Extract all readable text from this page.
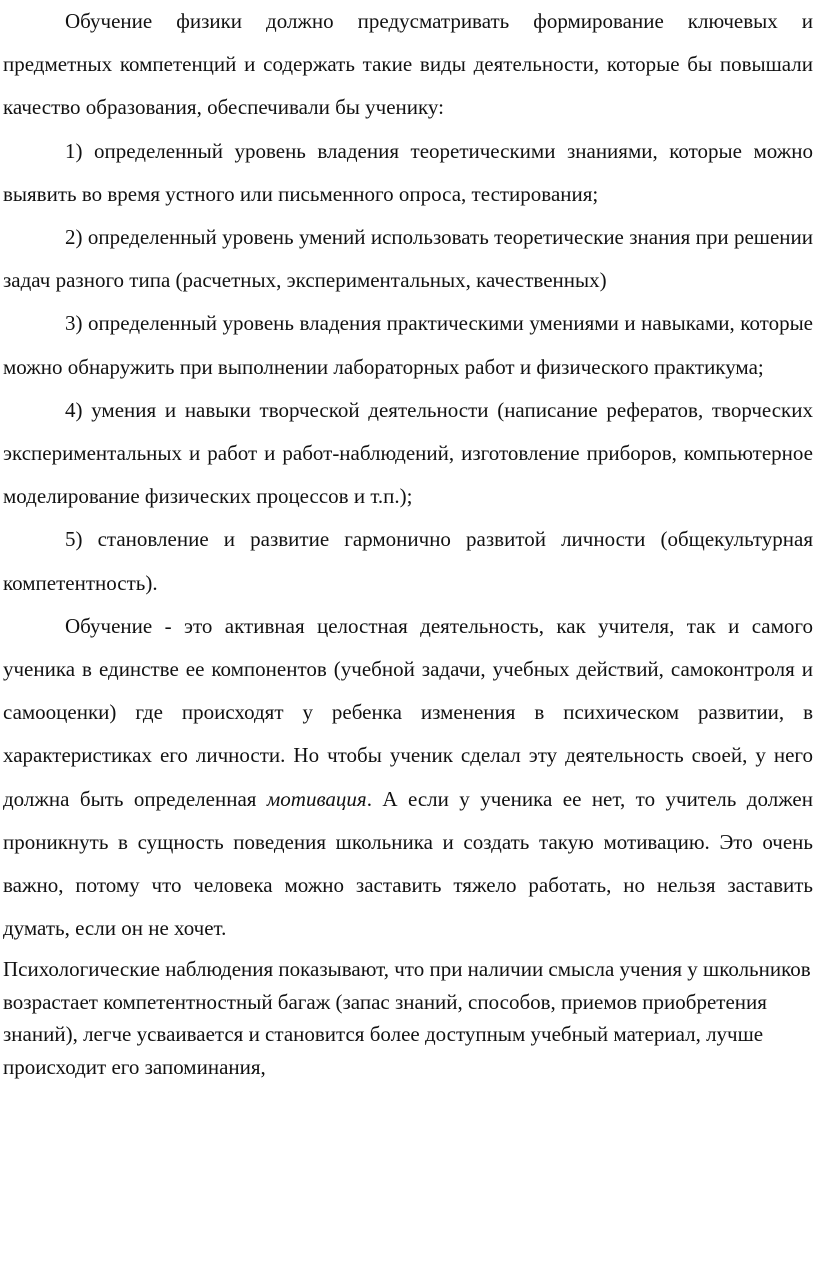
Обучение физики должно предусматривать формирование ключевых и предметных компетенций и содержать такие виды деятельности, которые бы повышали качество образования, обеспечивали бы ученику:

1) определенный уровень владения теоретическими знаниями, которые можно выявить во время устного или письменного опроса, тестирования;

2) определенный уровень умений использовать теоретические знания при решении задач разного типа (расчетных, экспериментальных, качественных)

3) определенный уровень владения практическими умениями и навыками, которые можно обнаружить при выполнении лабораторных работ и физического практикума;

4) умения и навыки творческой деятельности (написание рефератов, творческих экспериментальных и работ и работ-наблюдений, изготовление приборов, компьютерное моделирование физических процессов и т.п.);

5) становление и развитие гармонично развитой личности (общекультурная компетентность).

Обучение - это активная целостная деятельность, как учителя, так и самого ученика в единстве ее компонентов (учебной задачи, учебных действий, самоконтроля и самооценки) где происходят у ребенка изменения в психическом развитии, в характеристиках его личности. Но чтобы ученик сделал эту деятельность своей, у него должна быть определенная мотивация. А если у ученика ее нет, то учитель должен проникнуть в сущность поведения школьника и создать такую мотивацию. Это очень важно, потому что человека можно заставить тяжело работать, но нельзя заставить думать, если он не хочет.

Психологические наблюдения показывают, что при наличии смысла учения у школьников возрастает компетентностный багаж (запас знаний, способов, приемов приобретения знаний), легче усваивается и становится более доступным учебный материал, лучше происходит его запоминания,
